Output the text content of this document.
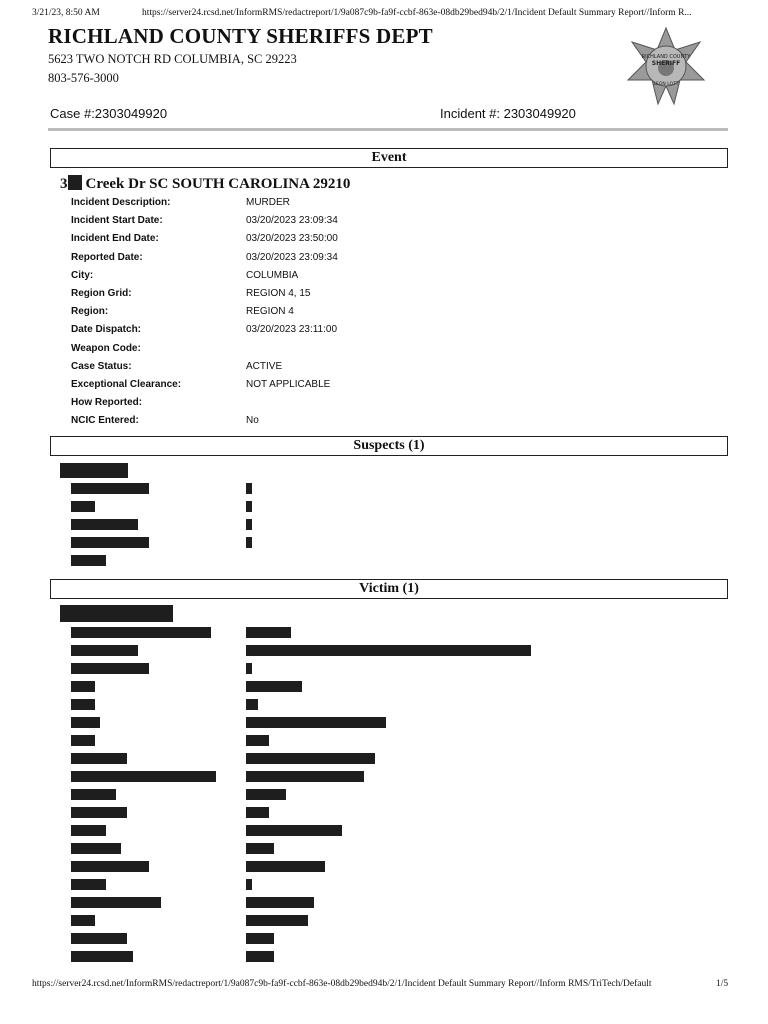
3/21/23, 8:50 AM	https://server24.rcsd.net/InformRMS/redactreport/1/9a087c9b-fa9f-ccbf-863e-08db29bed94b/2/1/Incident Default Summary Report//Inform R...
RICHLAND COUNTY SHERIFFS DEPT
5623 TWO NOTCH RD COLUMBIA, SC 29223
803-576-3000
RICHLAND COUNTY
SHERIFF
LEON LOTT
Case #:2303049920	Incident #: 2303049920
Event
3 Creek Dr SC SOUTH CAROLINA 29210
Incident Description:	MURDER
Incident Start Date:	03/20/2023 23:09:34
Incident End Date:	03/20/2023 23:50:00
Reported Date:	03/20/2023 23:09:34
City:	COLUMBIA
Region Grid:	REGION 4, 15
Region:	REGION 4
Date Dispatch:	03/20/2023 23:11:00
Weapon Code:
Case Status:	ACTIVE
Exceptional Clearance:	NOT APPLICABLE
How Reported:
NCIC Entered:	No
Suspects (1)
Victim (1)
https://server24.rcsd.net/InformRMS/redactreport/1/9a087c9b-fa9f-ccbf-863e-08db29bed94b/2/1/Incident Default Summary Report//Inform RMS/TriTech/Default	1/5
